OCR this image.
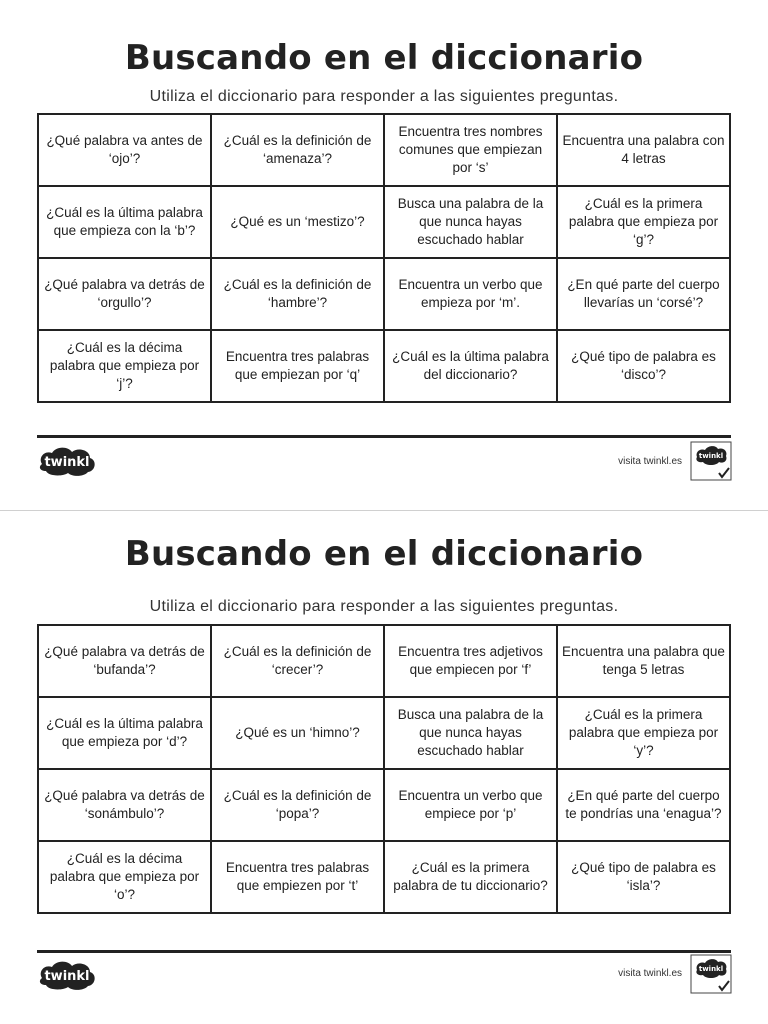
Buscando en el diccionario
Utiliza el diccionario para responder a las siguientes preguntas.
¿Qué palabra va antes de ‘ojo’?	¿Cuál es la definición de ‘amenaza’?	Encuentra tres nombres comunes que empiezan por ‘s’	Encuentra una palabra con 4 letras
¿Cuál es la última palabra que empieza con la ‘b’?	¿Qué es un ‘mestizo’?	Busca una palabra de la que nunca hayas escuchado hablar	¿Cuál es la primera palabra que empieza por ‘g’?
¿Qué palabra va detrás de ‘orgullo’?	¿Cuál es la definición de ‘hambre’?	Encuentra un verbo que empieza por ‘m’.	¿En qué parte del cuerpo llevarías un ‘corsé’?
¿Cuál es la décima palabra que empieza por ‘j’?	Encuentra tres palabras que empiezan por ‘q’	¿Cuál es la última palabra del diccionario?	¿Qué tipo de palabra es ‘disco’?
twinkl	visita twinkl.es twinkl
Buscando en el diccionario
Utiliza el diccionario para responder a las siguientes preguntas.
¿Qué palabra va detrás de ‘bufanda’?	¿Cuál es la definición de ‘crecer’?	Encuentra tres adjetivos que empiecen por ‘f’	Encuentra una palabra que tenga 5 letras
¿Cuál es la última palabra que empieza por ‘d’?	¿Qué es un ‘himno’?	Busca una palabra de la que nunca hayas escuchado hablar	¿Cuál es la primera palabra que empieza por ‘y’?
¿Qué palabra va detrás de ‘sonámbulo’?	¿Cuál es la definición de ‘popa’?	Encuentra un verbo que empiece por ‘p’	¿En qué parte del cuerpo te pondrías una ‘enagua’?
¿Cuál es la décima palabra que empieza por ‘o’?	Encuentra tres palabras que empiezen por ‘t’	¿Cuál es la primera palabra de tu diccionario?	¿Qué tipo de palabra es ‘isla’?
twinkl	visita twinkl.es twinkl
